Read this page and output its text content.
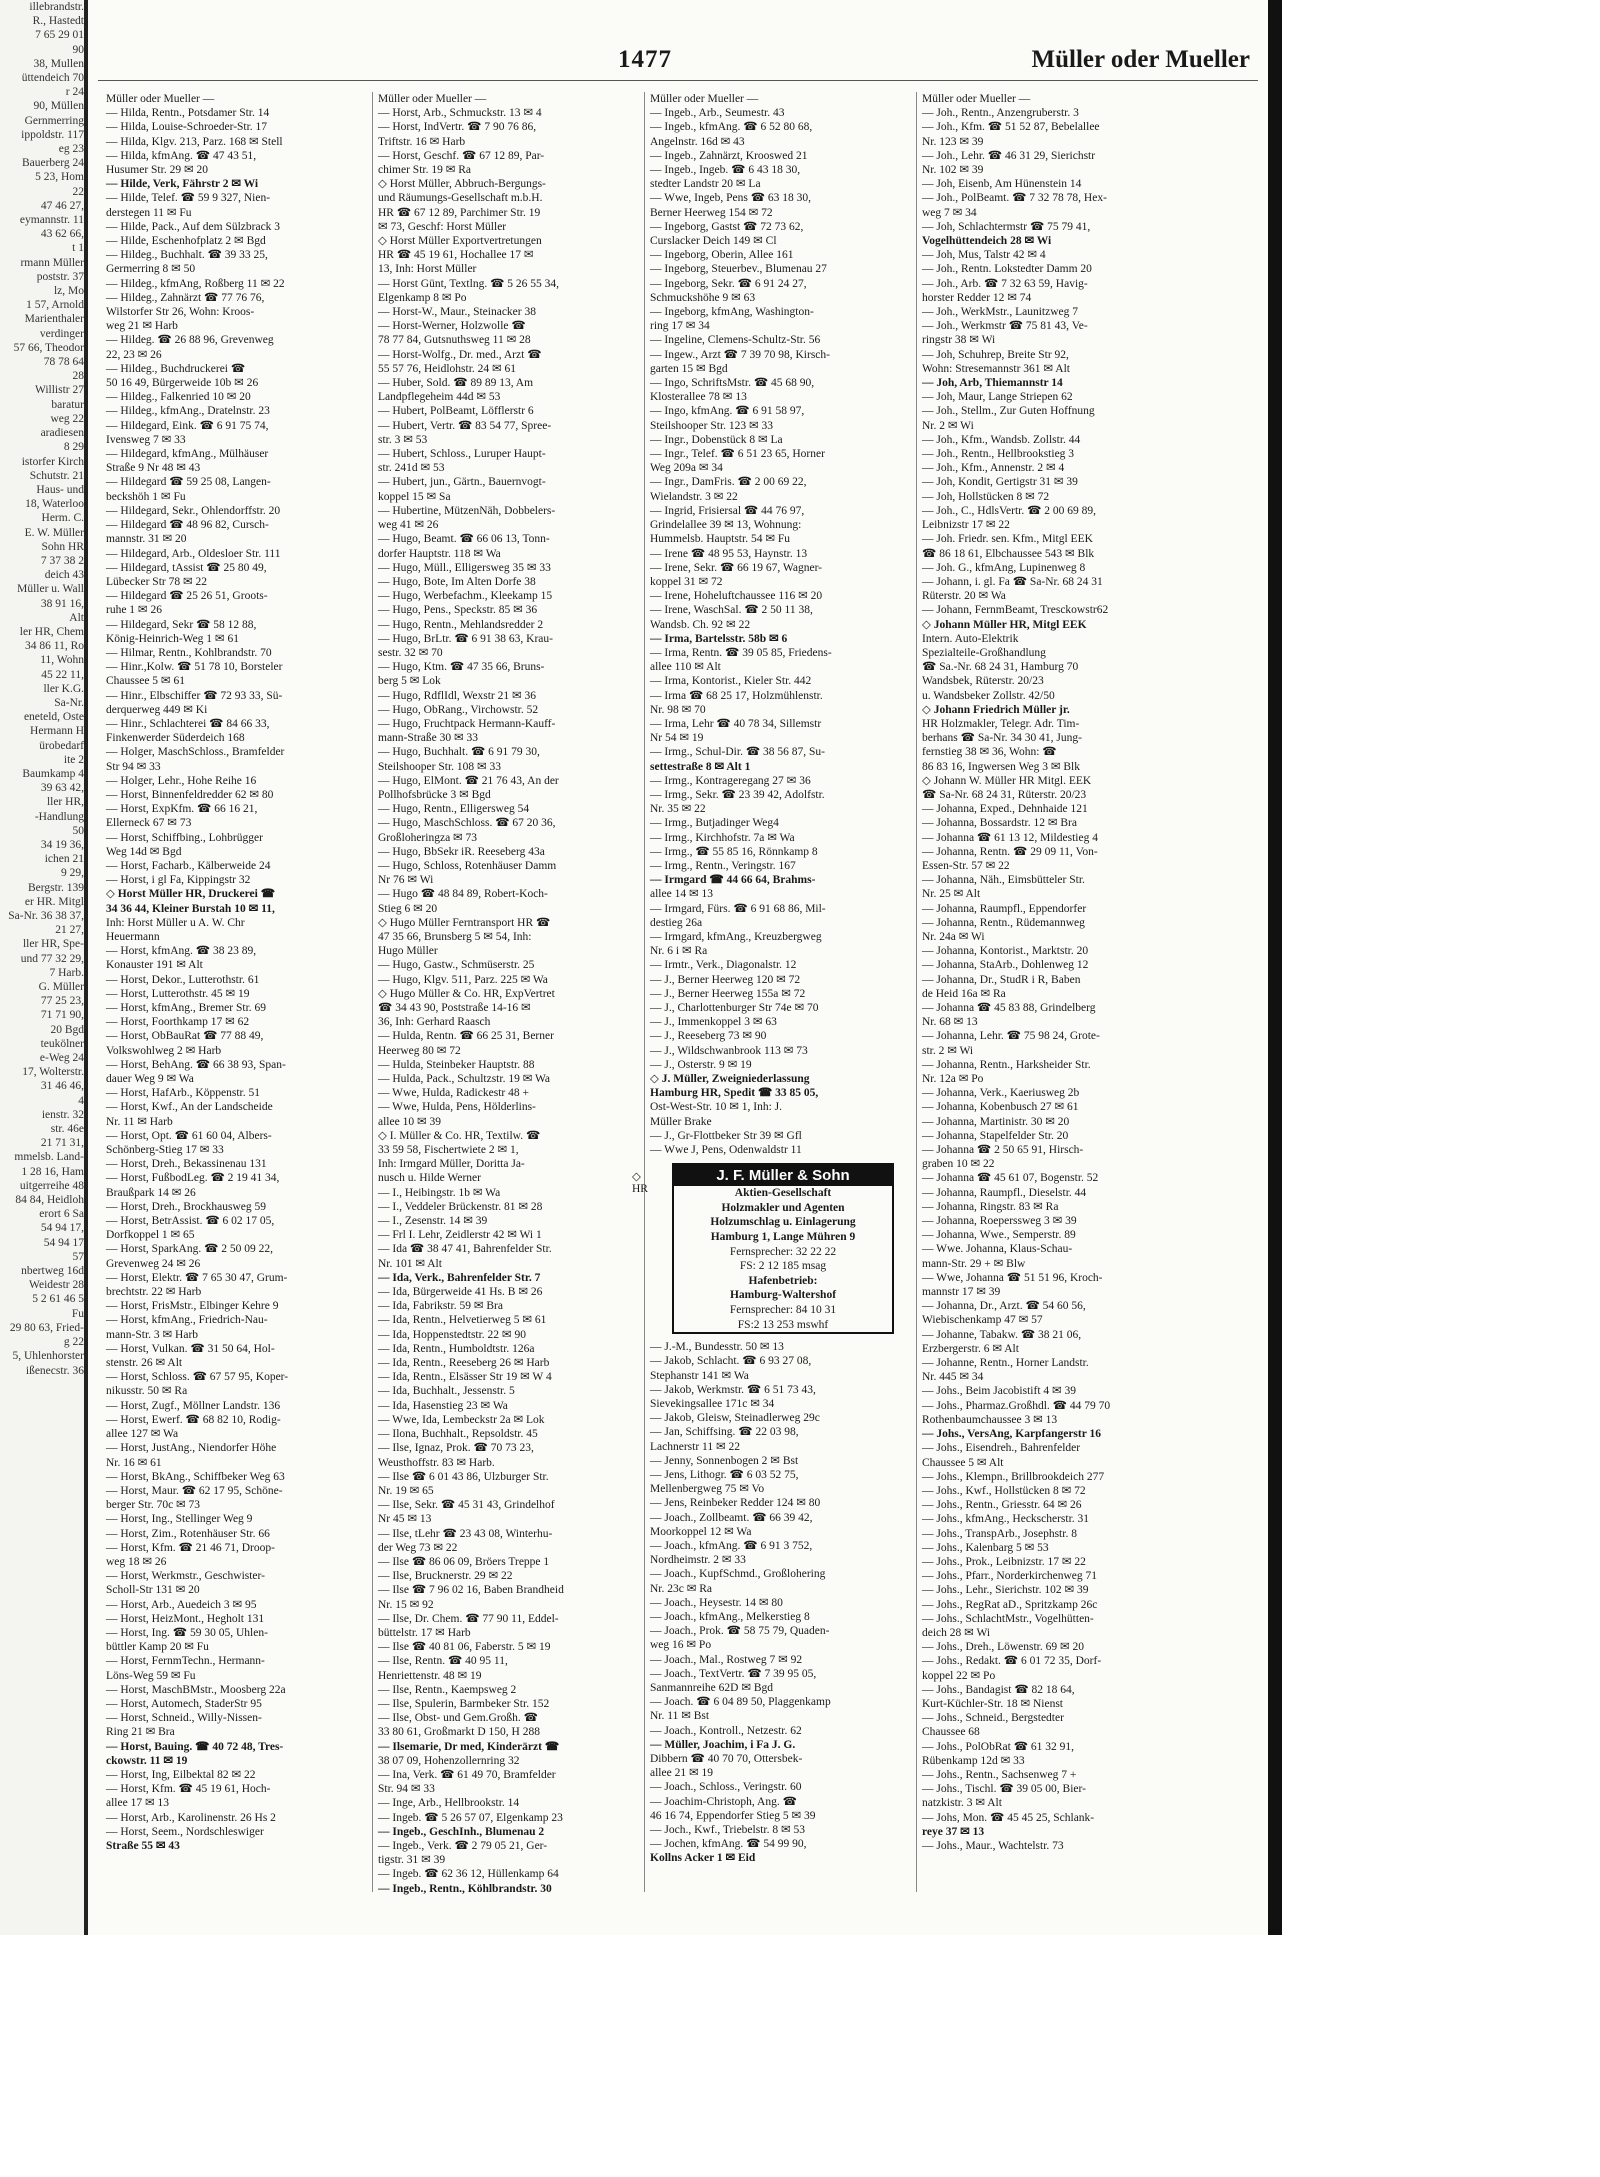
illebrandstr.
R., Hastedt
7 65 29 01
90
38, Mullen
üttendeich 70
r 24
90, Müllen
Gernmerring
ippoldstr. 117
eg 23
Bauerberg 24
5 23, Hom
22
47 46 27,
eymannstr. 11
43 62 66,
t 1
rmann Müller
poststr. 37
lz, Mo
1 57, Arnold
Marienthaler
verdinger
57 66, Theodor
78 78 64
28
Willistr 27
baratur
weg 22
aradiesen
8 29
istorfer Kirch
Schutstr. 21
Haus- und
18, Waterloo
Herm. C.
E. W. Müller
Sohn HR
7 37 38 2
deich 43
Müller u. Wall
38 91 16,
Alt
ler HR, Chem
34 86 11, Ro
11, Wohn
45 22 11,
ller K.G.
Sa-Nr.
eneteld, Oste
Hermann H
ürobedarf
ite 2
Baumkamp 4
39 63 42,
ller HR,
-Handlung
50
34 19 36,
ichen 21
9 29,
Bergstr. 139
er HR. Mitgl
Sa-Nr. 36 38 37,
21 27,
ller HR, Spe-
und 77 32 29,
7 Harb.
G. Müller
77 25 23,
71 71 90,
20 Bgd
teukölner
e-Weg 24
17, Wolterstr.
31 46 46,
4
ienstr. 32
str. 46e
21 71 31,
mmelsb. Land-
1 28 16, Ham
uitgerreihe 48
84 84, Heidloh
erort 6 Sa
54 94 17,
54 94 17
57
nbertweg 16d
Weidestr 28
5 2 61 46 5
Fu
29 80 63, Fried-
g 22
5, Uhlenhorster
ißenecstr. 36
1477	Müller oder Mueller
Müller oder Mueller —
— Hilda, Rentn., Potsdamer Str. 14
— Hilda, Louise-Schroeder-Str. 17
— Hilda, Klgv. 213, Parz. 168 ✉ Stell
— Hilda, kfmAng. ☎ 47 43 51,
Husumer Str. 29 ✉ 20
— Hilde, Verk, Fährstr 2 ✉ Wi
— Hilde, Telef. ☎ 59 9 327, Nien-
derstegen 11 ✉ Fu
— Hilde, Pack., Auf dem Sülzbrack 3
— Hilde, Eschenhofplatz 2 ✉ Bgd
— Hildeg., Buchhalt. ☎ 39 33 25,
Germerring 8 ✉ 50
— Hildeg., kfmAng, Roßberg 11 ✉ 22
— Hildeg., Zahnärzt ☎ 77 76 76,
Wilstorfer Str 26, Wohn: Kroos-
weg 21 ✉ Harb
— Hildeg. ☎ 26 88 96, Grevenweg
22, 23 ✉ 26
— Hildeg., Buchdruckerei ☎
50 16 49, Bürgerweide 10b ✉ 26
— Hildeg., Falkenried 10 ✉ 20
— Hildeg., kfmAng., Dratelnstr. 23
— Hildegard, Eink. ☎ 6 91 75 74,
Ivensweg 7 ✉ 33
— Hildegard, kfmAng., Mülhäuser
Straße 9 Nr 48 ✉ 43
— Hildegard ☎ 59 25 08, Langen-
beckshöh 1 ✉ Fu
— Hildegard, Sekr., Ohlendorffstr. 20
— Hildegard ☎ 48 96 82, Cursch-
mannstr. 31 ✉ 20
— Hildegard, Arb., Oldesloer Str. 111
— Hildegard, tAssist ☎ 25 80 49,
Lübecker Str 78 ✉ 22
— Hildegard ☎ 25 26 51, Groots-
ruhe 1 ✉ 26
— Hildegard, Sekr ☎ 58 12 88,
König-Heinrich-Weg 1 ✉ 61
— Hilmar, Rentn., Kohlbrandstr. 70
— Hinr.,Kolw. ☎ 51 78 10, Borsteler
Chaussee 5 ✉ 61
— Hinr., Elbschiffer ☎ 72 93 33, Sü-
derquerweg 449 ✉ Ki
— Hinr., Schlachterei ☎ 84 66 33,
Finkenwerder Süderdeich 168
— Holger, MaschSchloss., Bramfelder
Str 94 ✉ 33
— Holger, Lehr., Hohe Reihe 16
— Horst, Binnenfeldredder 62 ✉ 80
— Horst, ExpKfm. ☎ 66 16 21,
Ellerneck 67 ✉ 73
— Horst, Schiffbing., Lohbrügger
Weg 14d ✉ Bgd
— Horst, Facharb., Kälberweide 24
— Horst, i gl Fa, Kippingstr 32
◇ Horst Müller HR, Druckerei ☎
34 36 44, Kleiner Burstah 10 ✉ 11,
Inh: Horst Müller u A. W. Chr
Heuermann
— Horst, kfmAng. ☎ 38 23 89,
Konauster 191 ✉ Alt
— Horst, Dekor., Lutterothstr. 61
— Horst, Lutterothstr. 45 ✉ 19
— Horst, kfmAng., Bremer Str. 69
— Horst, Foorthkamp 17 ✉ 62
— Horst, ObBauRat ☎ 77 88 49,
Volkswohlweg 2 ✉ Harb
— Horst, BehAng. ☎ 66 38 93, Span-
dauer Weg 9 ✉ Wa
— Horst, HafArb., Köppenstr. 51
— Horst, Kwf., An der Landscheide
Nr. 11 ✉ Harb
— Horst, Opt. ☎ 61 60 04, Albers-
Schönberg-Stieg 17 ✉ 33
— Horst, Dreh., Bekassinenau 131
— Horst, FußbodLeg. ☎ 2 19 41 34,
Braußpark 14 ✉ 26
— Horst, Dreh., Brockhausweg 59
— Horst, BetrAssist. ☎ 6 02 17 05,
Dorfkoppel 1 ✉ 65
— Horst, SparkAng. ☎ 2 50 09 22,
Grevenweg 24 ✉ 26
— Horst, Elektr. ☎ 7 65 30 47, Grum-
brechtstr. 22 ✉ Harb
— Horst, FrisMstr., Elbinger Kehre 9
— Horst, kfmAng., Friedrich-Nau-
mann-Str. 3 ✉ Harb
— Horst, Vulkan. ☎ 31 50 64, Hol-
stenstr. 26 ✉ Alt
— Horst, Schloss. ☎ 67 57 95, Koper-
nikusstr. 50 ✉ Ra
— Horst, Zugf., Möllner Landstr. 136
— Horst, Ewerf. ☎ 68 82 10, Rodig-
allee 127 ✉ Wa
— Horst, JustAng., Niendorfer Höhe
Nr. 16 ✉ 61
— Horst, BkAng., Schiffbeker Weg 63
— Horst, Maur. ☎ 62 17 95, Schöne-
berger Str. 70c ✉ 73
— Horst, Ing., Stellinger Weg 9
— Horst, Zim., Rotenhäuser Str. 66
— Horst, Kfm. ☎ 21 46 71, Droop-
weg 18 ✉ 26
— Horst, Werkmstr., Geschwister-
Scholl-Str 131 ✉ 20
— Horst, Arb., Auedeich 3 ✉ 95
— Horst, HeizMont., Hegholt 131
— Horst, Ing. ☎ 59 30 05, Uhlen-
büttler Kamp 20 ✉ Fu
— Horst, FernmTechn., Hermann-
Löns-Weg 59 ✉ Fu
— Horst, MaschBMstr., Moosberg 22a
— Horst, Automech, StaderStr 95
— Horst, Schneid., Willy-Nissen-
Ring 21 ✉ Bra
— Horst, Bauing. ☎ 40 72 48, Tres-
ckowstr. 11 ✉ 19
— Horst, Ing, Eilbektal 82 ✉ 22
— Horst, Kfm. ☎ 45 19 61, Hoch-
allee 17 ✉ 13
— Horst, Arb., Karolinenstr. 26 Hs 2
— Horst, Seem., Nordschleswiger
Straße 55 ✉ 43
Müller oder Mueller —
— Horst, Arb., Schmuckstr. 13 ✉ 4
— Horst, IndVertr. ☎ 7 90 76 86,
Triftstr. 16 ✉ Harb
— Horst, Geschf. ☎ 67 12 89, Par-
chimer Str. 19 ✉ Ra
◇ Horst Müller, Abbruch-Bergungs-
und Räumungs-Gesellschaft m.b.H.
HR ☎ 67 12 89, Parchimer Str. 19
✉ 73, Geschf: Horst Müller
◇ Horst Müller Exportvertretungen
HR ☎ 45 19 61, Hochallee 17 ✉
13, Inh: Horst Müller
— Horst Günt, Textlng. ☎ 5 26 55 34,
Elgenkamp 8 ✉ Po
— Horst-W., Maur., Steinacker 38
— Horst-Werner, Holzwolle ☎
78 77 84, Gutsnuthsweg 11 ✉ 28
— Horst-Wolfg., Dr. med., Arzt ☎
55 57 76, Heidlohstr. 24 ✉ 61
— Huber, Sold. ☎ 89 89 13, Am
Landpflegeheim 44d ✉ 53
— Hubert, PolBeamt, Löfflerstr 6
— Hubert, Vertr. ☎ 83 54 77, Spree-
str. 3 ✉ 53
— Hubert, Schloss., Luruper Haupt-
str. 241d ✉ 53
— Hubert, jun., Gärtn., Bauernvogt-
koppel 15 ✉ Sa
— Hubertine, MützenNäh, Dobbelers-
weg 41 ✉ 26
— Hugo, Beamt. ☎ 66 06 13, Tonn-
dorfer Hauptstr. 118 ✉ Wa
— Hugo, Müll., Elligersweg 35 ✉ 33
— Hugo, Bote, Im Alten Dorfe 38
— Hugo, Werbefachm., Kleekamp 15
— Hugo, Pens., Speckstr. 85 ✉ 36
— Hugo, Rentn., Mehlandsredder 2
— Hugo, BrLtr. ☎ 6 91 38 63, Krau-
sestr. 32 ✉ 70
— Hugo, Ktm. ☎ 47 35 66, Bruns-
berg 5 ✉ Lok
— Hugo, RdflIdl, Wexstr 21 ✉ 36
— Hugo, ObRang., Virchowstr. 52
— Hugo, Fruchtpack Hermann-Kauff-
mann-Straße 30 ✉ 33
— Hugo, Buchhalt. ☎ 6 91 79 30,
Steilshooper Str. 108 ✉ 33
— Hugo, ElMont. ☎ 21 76 43, An der
Pollhofsbrücke 3 ✉ Bgd
— Hugo, Rentn., Elligersweg 54
— Hugo, MaschSchloss. ☎ 67 20 36,
Großloheringza ✉ 73
— Hugo, BbSekr iR. Reeseberg 43a
— Hugo, Schloss, Rotenhäuser Damm
Nr 76 ✉ Wi
— Hugo ☎ 48 84 89, Robert-Koch-
Stieg 6 ✉ 20
◇ Hugo Müller Ferntransport HR ☎
47 35 66, Brunsberg 5 ✉ 54, Inh:
Hugo Müller
— Hugo, Gastw., Schmüserstr. 25
— Hugo, Klgv. 511, Parz. 225 ✉ Wa
◇ Hugo Müller & Co. HR, ExpVertret
☎ 34 43 90, Poststraße 14-16 ✉
36, Inh: Gerhard Raasch
— Hulda, Rentn. ☎ 66 25 31, Berner
Heerweg 80 ✉ 72
— Hulda, Steinbeker Hauptstr. 88
— Hulda, Pack., Schultzstr. 19 ✉ Wa
— Wwe, Hulda, Radickestr 48 +
— Wwe, Hulda, Pens, Hölderlins-
allee 10 ✉ 39
◇ I. Müller & Co. HR, Textilw. ☎
33 59 58, Fischertwiete 2 ✉ 1,
Inh: Irmgard Müller, Doritta Ja-
nusch u. Hilde Werner
— I., Heibingstr. 1b ✉ Wa
— I., Veddeler Brückenstr. 81 ✉ 28
— I., Zesenstr. 14 ✉ 39
— Frl I. Lehr, Zeidlerstr 42 ✉ Wi 1
— Ida ☎ 38 47 41, Bahrenfelder Str.
Nr. 101 ✉ Alt
— Ida, Verk., Bahrenfelder Str. 7
— Ida, Bürgerweide 41 Hs. B ✉ 26
— Ida, Fabrikstr. 59 ✉ Bra
— Ida, Rentn., Helvetierweg 5 ✉ 61
— Ida, Hoppenstedtstr. 22 ✉ 90
— Ida, Rentn., Humboldtstr. 126a
— Ida, Rentn., Reeseberg 26 ✉ Harb
— Ida, Rentn., Elsässer Str 19 ✉ W 4
— Ida, Buchhalt., Jessenstr. 5
— Ida, Hasenstieg 23 ✉ Wa
— Wwe, Ida, Lembeckstr 2a ✉ Lok
— Ilona, Buchhalt., Repsoldstr. 45
— Ilse, Ignaz, Prok. ☎ 70 73 23,
Weusthoffstr. 83 ✉ Harb.
— Ilse ☎ 6 01 43 86, Ulzburger Str.
Nr. 19 ✉ 65
— Ilse, Sekr. ☎ 45 31 43, Grindelhof
Nr 45 ✉ 13
— Ilse, tLehr ☎ 23 43 08, Winterhu-
der Weg 73 ✉ 22
— Ilse ☎ 86 06 09, Bröers Treppe 1
— Ilse, Brucknerstr. 29 ✉ 22
— Ilse ☎ 7 96 02 16, Baben Brandheid
Nr. 15 ✉ 92
— Ilse, Dr. Chem. ☎ 77 90 11, Eddel-
büttelstr. 17 ✉ Harb
— Ilse ☎ 40 81 06, Faberstr. 5 ✉ 19
— Ilse, Rentn. ☎ 40 95 11,
Henriettenstr. 48 ✉ 19
— Ilse, Rentn., Kaempsweg 2
— Ilse, Spulerin, Barmbeker Str. 152
— Ilse, Obst- und Gem.Großh. ☎
33 80 61, Großmarkt D 150, H 288
— Ilsemarie, Dr med, Kinderärzt ☎
38 07 09, Hohenzollernring 32
— Ina, Verk. ☎ 61 49 70, Bramfelder
Str. 94 ✉ 33
— Inge, Arb., Hellbrookstr. 14
— Ingeb. ☎ 5 26 57 07, Elgenkamp 23
— Ingeb., GeschInh., Blumenau 2
— Ingeb., Verk. ☎ 2 79 05 21, Ger-
tigstr. 31 ✉ 39
— Ingeb. ☎ 62 36 12, Hüllenkamp 64
— Ingeb., Rentn., Köhlbrandstr. 30
Müller oder Mueller —
— Ingeb., Arb., Seumestr. 43
— Ingeb., kfmAng. ☎ 6 52 80 68,
Angelnstr. 16d ✉ 43
— Ingeb., Zahnärzt, Krooswed 21
— Ingeb., Ingeb. ☎ 6 43 18 30,
stedter Landstr 20 ✉ La
— Wwe, Ingeb, Pens ☎ 63 18 30,
Berner Heerweg 154 ✉ 72
— Ingeborg, Gastst ☎ 72 73 62,
Curslacker Deich 149 ✉ Cl
— Ingeborg, Oberin, Allee 161
— Ingeborg, Steuerbev., Blumenau 27
— Ingeborg, Sekr. ☎ 6 91 24 27,
Schmuckshöhe 9 ✉ 63
— Ingeborg, kfmAng, Washington-
ring 17 ✉ 34
— Ingeline, Clemens-Schultz-Str. 56
— Ingew., Arzt ☎ 7 39 70 98, Kirsch-
garten 15 ✉ Bgd
— Ingo, SchriftsMstr. ☎ 45 68 90,
Klosterallee 78 ✉ 13
— Ingo, kfmAng. ☎ 6 91 58 97,
Steilshooper Str. 123 ✉ 33
— Ingr., Dobenstück 8 ✉ La
— Ingr., Telef. ☎ 6 51 23 65, Horner
Weg 209a ✉ 34
— Ingr., DamFris. ☎ 2 00 69 22,
Wielandstr. 3 ✉ 22
— Ingrid, Frisiersal ☎ 44 76 97,
Grindelallee 39 ✉ 13, Wohnung:
Hummelsb. Hauptstr. 54 ✉ Fu
— Irene ☎ 48 95 53, Haynstr. 13
— Irene, Sekr. ☎ 66 19 67, Wagner-
koppel 31 ✉ 72
— Irene, Hoheluftchaussee 116 ✉ 20
— Irene, WaschSal. ☎ 2 50 11 38,
Wandsb. Ch. 92 ✉ 22
— Irma, Bartelsstr. 58b ✉ 6
— Irma, Rentn. ☎ 39 05 85, Friedens-
allee 110 ✉ Alt
— Irma, Kontorist., Kieler Str. 442
— Irma ☎ 68 25 17, Holzmühlenstr.
Nr. 98 ✉ 70
— Irma, Lehr ☎ 40 78 34, Sillemstr
Nr 54 ✉ 19
— Irmg., Schul-Dir. ☎ 38 56 87, Su-
settestraße 8 ✉ Alt 1
— Irmg., Kontrageregang 27 ✉ 36
— Irmg., Sekr. ☎ 23 39 42, Adolfstr.
Nr. 35 ✉ 22
— Irmg., Butjadinger Weg4
— Irmg., Kirchhofstr. 7a ✉ Wa
— Irmg., ☎ 55 85 16, Rönnkamp 8
— Irmg., Rentn., Veringstr. 167
— Irmgard ☎ 44 66 64, Brahms-
allee 14 ✉ 13
— Irmgard, Fürs. ☎ 6 91 68 86, Mil-
destieg 26a
— Irmgard, kfmAng., Kreuzbergweg
Nr. 6 i ✉ Ra
— Irmtr., Verk., Diagonalstr. 12
— J., Berner Heerweg 120 ✉ 72
— J., Berner Heerweg 155a ✉ 72
— J., Charlottenburger Str 74e ✉ 70
— J., Immenkoppel 3 ✉ 63
— J., Reeseberg 73 ✉ 90
— J., Wildschwanbrook 113 ✉ 73
— J., Osterstr. 9 ✉ 19
◇ J. Müller, Zweigniederlassung
Hamburg HR, Spedit ☎ 33 85 05,
Ost-West-Str. 10 ✉ 1, Inh: J.
Müller Brake
— J., Gr-Flottbeker Str 39 ✉ Gfl
— Wwe J, Pens, Odenwaldstr 11
◇
HR
J. F. Müller & Sohn
Aktien-Gesellschaft
Holzmakler und Agenten
Holzumschlag u. Einlagerung
Hamburg 1, Lange Mühren 9
Fernsprecher: 32 22 22
FS: 2 12 185 msag
Hafenbetrieb:
Hamburg-Waltershof
Fernsprecher: 84 10 31
FS:2 13 253 mswhf
— J.-M., Bundesstr. 50 ✉ 13
— Jakob, Schlacht. ☎ 6 93 27 08,
Stephanstr 141 ✉ Wa
— Jakob, Werkmstr. ☎ 6 51 73 43,
Sievekingsallee 171c ✉ 34
— Jakob, Gleisw, Steinadlerweg 29c
— Jan, Schiffsing. ☎ 22 03 98,
Lachnerstr 11 ✉ 22
— Jenny, Sonnenbogen 2 ✉ Bst
— Jens, Lithogr. ☎ 6 03 52 75,
Mellenbergweg 75 ✉ Vo
— Jens, Reinbeker Redder 124 ✉ 80
— Joach., Zollbeamt. ☎ 66 39 42,
Moorkoppel 12 ✉ Wa
— Joach., kfmAng. ☎ 6 91 3 752,
Nordheimstr. 2 ✉ 33
— Joach., KupfSchmd., Großlohering
Nr. 23c ✉ Ra
— Joach., Heysestr. 14 ✉ 80
— Joach., kfmAng., Melkerstieg 8
— Joach., Prok. ☎ 58 75 79, Quaden-
weg 16 ✉ Po
— Joach., Mal., Rostweg 7 ✉ 92
— Joach., TextVertr. ☎ 7 39 95 05,
Sanmannreihe 62D ✉ Bgd
— Joach. ☎ 6 04 89 50, Plaggenkamp
Nr. 11 ✉ Bst
— Joach., Kontroll., Netzestr. 62
— Müller, Joachim, i Fa J. G.
Dibbern ☎ 40 70 70, Ottersbek-
allee 21 ✉ 19
— Joach., Schloss., Veringstr. 60
— Joachim-Christoph, Ang. ☎
46 16 74, Eppendorfer Stieg 5 ✉ 39
— Joch., Kwf., Triebelstr. 8 ✉ 53
— Jochen, kfmAng. ☎ 54 99 90,
Kollns Acker 1 ✉ Eid
Müller oder Mueller —
— Joh., Rentn., Anzengruberstr. 3
— Joh., Kfm. ☎ 51 52 87, Bebelallee
Nr. 123 ✉ 39
— Joh., Lehr. ☎ 46 31 29, Sierichstr
Nr. 102 ✉ 39
— Joh, Eisenb, Am Hünenstein 14
— Joh., PolBeamt. ☎ 7 32 78 78, Hex-
weg 7 ✉ 34
— Joh, Schlachtermstr ☎ 75 79 41,
Vogelhüttendeich 28 ✉ Wi
— Joh, Mus, Talstr 42 ✉ 4
— Joh., Rentn. Lokstedter Damm 20
— Joh., Arb. ☎ 7 32 63 59, Havig-
horster Redder 12 ✉ 74
— Joh., WerkMstr., Launitzweg 7
— Joh., Werkmstr ☎ 75 81 43, Ve-
ringstr 38 ✉ Wi
— Joh, Schuhrep, Breite Str 92,
Wohn: Stresemannstr 361 ✉ Alt
— Joh, Arb, Thiemannstr 14
— Joh, Maur, Lange Striepen 62
— Joh., Stellm., Zur Guten Hoffnung
Nr. 2 ✉ Wi
— Joh., Kfm., Wandsb. Zollstr. 44
— Joh., Rentn., Hellbrookstieg 3
— Joh., Kfm., Annenstr. 2 ✉ 4
— Joh, Kondit, Gertigstr 31 ✉ 39
— Joh, Hollstücken 8 ✉ 72
— Joh., C., HdlsVertr. ☎ 2 00 69 89,
Leibnizstr 17 ✉ 22
— Joh. Friedr. sen. Kfm., Mitgl EEK
☎ 86 18 61, Elbchaussee 543 ✉ Blk
— Joh. G., kfmAng, Lupinenweg 8
— Johann, i. gl. Fa ☎ Sa-Nr. 68 24 31
Rüterstr. 20 ✉ Wa
— Johann, FernmBeamt, Tresckowstr62
◇ Johann Müller HR, Mitgl EEK
Intern. Auto-Elektrik
Spezialteile-Großhandlung
☎ Sa.-Nr. 68 24 31, Hamburg 70
Wandsbek, Rüterstr. 20/23
u. Wandsbeker Zollstr. 42/50
◇ Johann Friedrich Müller jr.
HR Holzmakler, Telegr. Adr. Tim-
berhans ☎ Sa-Nr. 34 30 41, Jung-
fernstieg 38 ✉ 36, Wohn: ☎
86 83 16, Ingwersen Weg 3 ✉ Blk
◇ Johann W. Müller HR Mitgl. EEK
☎ Sa-Nr. 68 24 31, Rüterstr. 20/23
— Johanna, Exped., Dehnhaide 121
— Johanna, Bossardstr. 12 ✉ Bra
— Johanna ☎ 61 13 12, Mildestieg 4
— Johanna, Rentn. ☎ 29 09 11, Von-
Essen-Str. 57 ✉ 22
— Johanna, Näh., Eimsbütteler Str.
Nr. 25 ✉ Alt
— Johanna, Raumpfl., Eppendorfer
— Johanna, Rentn., Rüdemannweg
Nr. 24a ✉ Wi
— Johanna, Kontorist., Marktstr. 20
— Johanna, StaArb., Dohlenweg 12
— Johanna, Dr., StudR i R, Baben
de Heid 16a ✉ Ra
— Johanna ☎ 45 83 88, Grindelberg
Nr. 68 ✉ 13
— Johanna, Lehr. ☎ 75 98 24, Grote-
str. 2 ✉ Wi
— Johanna, Rentn., Harksheider Str.
Nr. 12a ✉ Po
— Johanna, Verk., Kaeriusweg 2b
— Johanna, Kobenbusch 27 ✉ 61
— Johanna, Martinistr. 30 ✉ 20
— Johanna, Stapelfelder Str. 20
— Johanna ☎ 2 50 65 91, Hirsch-
graben 10 ✉ 22
— Johanna ☎ 45 61 07, Bogenstr. 52
— Johanna, Raumpfl., Dieselstr. 44
— Johanna, Ringstr. 83 ✉ Ra
— Johanna, Roeperssweg 3 ✉ 39
— Johanna, Wwe., Semperstr. 89
— Wwe. Johanna, Klaus-Schau-
mann-Str. 29 + ✉ Blw
— Wwe, Johanna ☎ 51 51 96, Kroch-
mannstr 17 ✉ 39
— Johanna, Dr., Arzt. ☎ 54 60 56,
Wiebischenkamp 47 ✉ 57
— Johanne, Tabakw. ☎ 38 21 06,
Erzbergerstr. 6 ✉ Alt
— Johanne, Rentn., Horner Landstr.
Nr. 445 ✉ 34
— Johs., Beim Jacobistift 4 ✉ 39
— Johs., Pharmaz.Großhdl. ☎ 44 79 70
Rothenbaumchaussee 3 ✉ 13
— Johs., VersAng, Karpfangerstr 16
— Johs., Eisendreh., Bahrenfelder
Chaussee 5 ✉ Alt
— Johs., Klempn., Brillbrookdeich 277
— Johs., Kwf., Hollstücken 8 ✉ 72
— Johs., Rentn., Griesstr. 64 ✉ 26
— Johs., kfmAng., Heckscherstr. 31
— Johs., TranspArb., Josephstr. 8
— Johs., Kalenbarg 5 ✉ 53
— Johs., Prok., Leibnizstr. 17 ✉ 22
— Johs., Pfarr., Norderkirchenweg 71
— Johs., Lehr., Sierichstr. 102 ✉ 39
— Johs., RegRat aD., Spritzkamp 26c
— Johs., SchlachtMstr., Vogelhütten-
deich 28 ✉ Wi
— Johs., Dreh., Löwenstr. 69 ✉ 20
— Johs., Redakt. ☎ 6 01 72 35, Dorf-
koppel 22 ✉ Po
— Johs., Bandagist ☎ 82 18 64,
Kurt-Küchler-Str. 18 ✉ Nienst
— Johs., Schneid., Bergstedter
Chaussee 68
— Johs., PolObRat ☎ 61 32 91,
Rübenkamp 12d ✉ 33
— Johs., Rentn., Sachsenweg 7 +
— Johs., Tischl. ☎ 39 05 00, Bier-
natzkistr. 3 ✉ Alt
— Johs, Mon. ☎ 45 45 25, Schlank-
reye 37 ✉ 13
— Johs., Maur., Wachtelstr. 73
